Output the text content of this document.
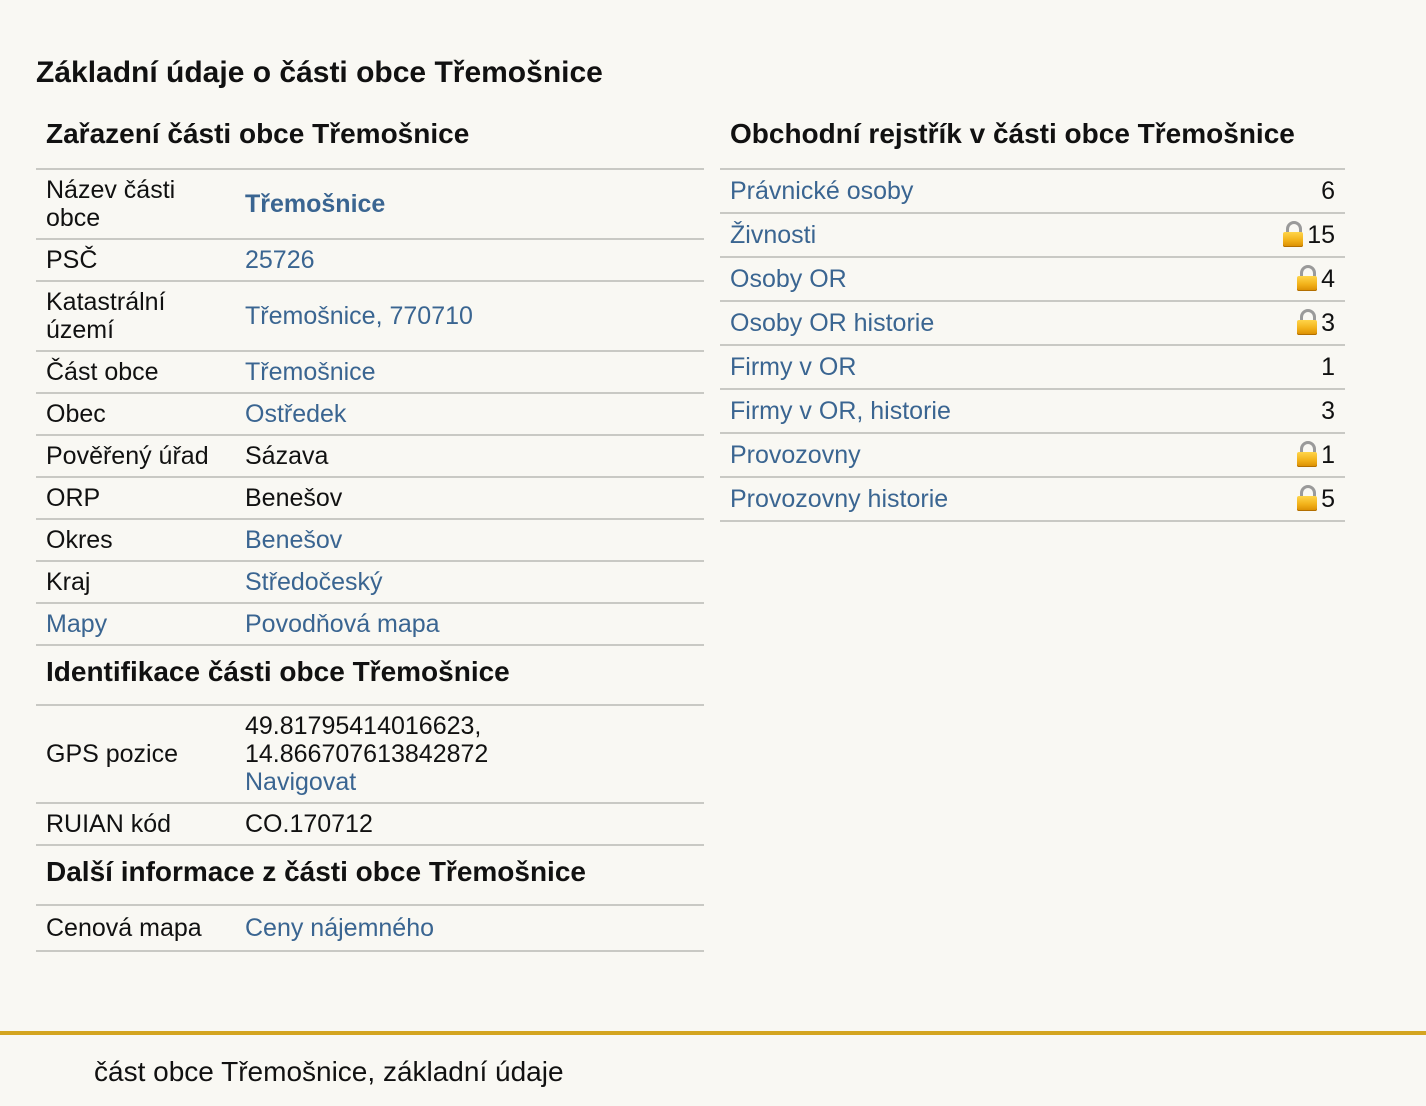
Základní údaje o části obce Třemošnice
Zařazení části obce Třemošnice
Název části obce	Třemošnice
PSČ	25726
Katastrální území	Třemošnice, 770710
Část obce	Třemošnice
Obec	Ostředek
Pověřený úřad	Sázava
ORP	Benešov
Okres	Benešov
Kraj	Středočeský
Mapy	Povodňová mapa
Identifikace části obce Třemošnice
GPS pozice	49.81795414016623, 14.866707613842872
Navigovat
RUIAN kód	CO.170712
Další informace z části obce Třemošnice
Cenová mapa	Ceny nájemného
Obchodní rejstřík v části obce Třemošnice
Právnické osoby	6
Živnosti	15
Osoby OR	4
Osoby OR historie	3
Firmy v OR	1
Firmy v OR, historie	3
Provozovny	1
Provozovny historie	5
část obce Třemošnice, základní údaje
